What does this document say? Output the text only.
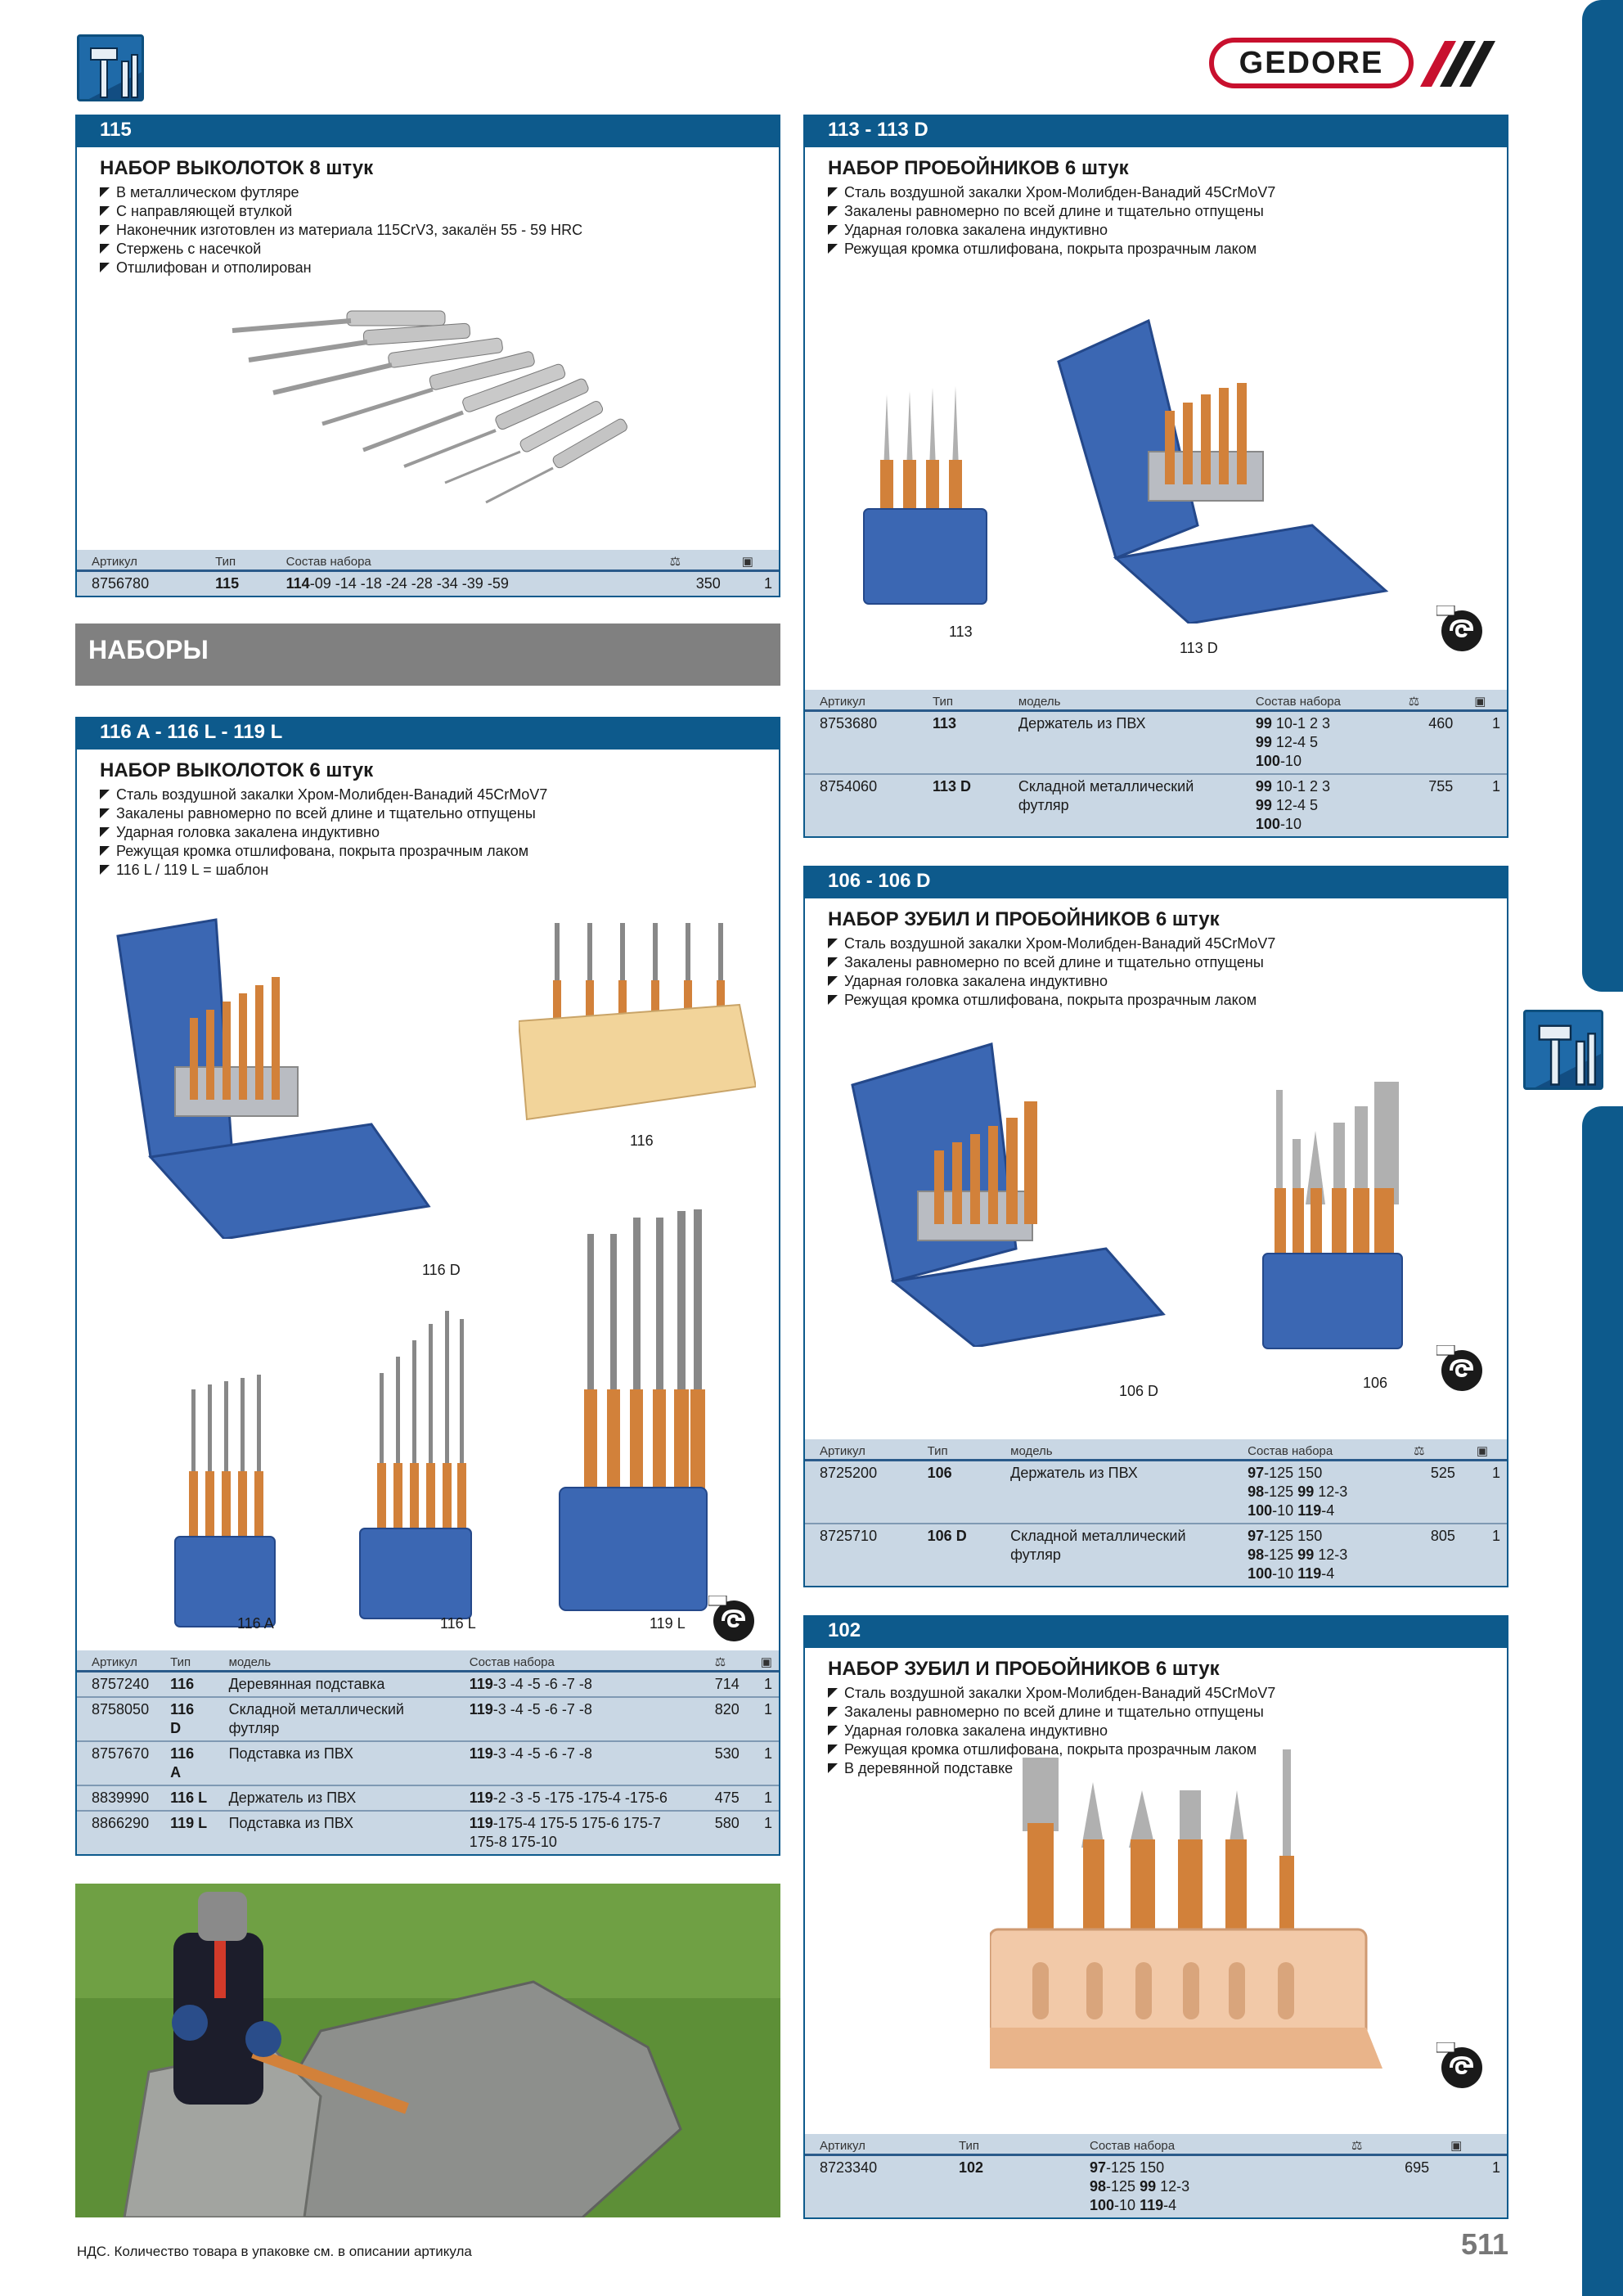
GEDORE
115
НАБОР ВЫКОЛОТОК 8 штук
В металлическом футляре
С направляющей втулкой
Наконечник изготовлен из материала 115CrV3, закалён 55 - 59 HRC
Стержень с насечкой
Отшлифован и отполирован
Артикул	Тип	Состав набора	⚖	▣
8756780	115	114-09 -14 -18 -24 -28 -34 -39 -59	350	1
НАБОРЫ
116 A - 116 L - 119 L
НАБОР ВЫКОЛОТОК 6 штук
Сталь воздушной закалки Хром-Молибден-Ванадий 45CrMoV7
Закалены равномерно по всей длине и тщательно отпущены
Ударная головка закалена индуктивно
Режущая кромка отшлифована, покрыта прозрачным лаком
116 L / 119 L = шаблон
116 D
116
116 A	116 L	119 L
Артикул	Тип	модель	Состав набора	⚖	▣
8757240	116	Деревянная подставка	119-3 -4 -5 -6 -7 -8	714	1
8758050	116 D	Складной металлический футляр	119-3 -4 -5 -6 -7 -8	820	1
8757670	116 A	Подставка из ПВХ	119-3 -4 -5 -6 -7 -8	530	1
8839990	116 L	Держатель из ПВХ	119-2 -3 -5 -175 -175-4 -175-6	475	1
8866290	119 L	Подставка из ПВХ	119-175-4 175-5 175-6 175-7 175-8 175-10	580	1
113 - 113 D
НАБОР ПРОБОЙНИКОВ 6 штук
Сталь воздушной закалки Хром-Молибден-Ванадий 45CrMoV7
Закалены равномерно по всей длине и тщательно отпущены
Ударная головка закалена индуктивно
Режущая кромка отшлифована, покрыта прозрачным лаком
113
113 D
Артикул	Тип	модель	Состав набора	⚖	▣
8753680	113	Держатель из ПВХ	99 10-1 2 3
99 12-4 5
100-10	460	1
8754060	113 D	Складной металлический футляр	99 10-1 2 3
99 12-4 5
100-10	755	1
106 - 106 D
НАБОР ЗУБИЛ И ПРОБОЙНИКОВ 6 штук
Сталь воздушной закалки Хром-Молибден-Ванадий 45CrMoV7
Закалены равномерно по всей длине и тщательно отпущены
Ударная головка закалена индуктивно
Режущая кромка отшлифована, покрыта прозрачным лаком
106 D	106
Артикул	Тип	модель	Состав набора	⚖	▣
8725200	106	Держатель из ПВХ	97-125 150
98-125 99 12-3
100-10 119-4	525	1
8725710	106 D	Складной металлический футляр	97-125 150
98-125 99 12-3
100-10 119-4	805	1
102
НАБОР ЗУБИЛ И ПРОБОЙНИКОВ 6 штук
Сталь воздушной закалки Хром-Молибден-Ванадий 45CrMoV7
Закалены равномерно по всей длине и тщательно отпущены
Ударная головка закалена индуктивно
Режущая кромка отшлифована, покрыта прозрачным лаком
В деревянной подставке
Артикул	Тип	Состав набора	⚖	▣
8723340	102	97-125 150
98-125 99 12-3
100-10 119-4	695	1
НДС. Количество товара в упаковке см. в описании артикула	511
